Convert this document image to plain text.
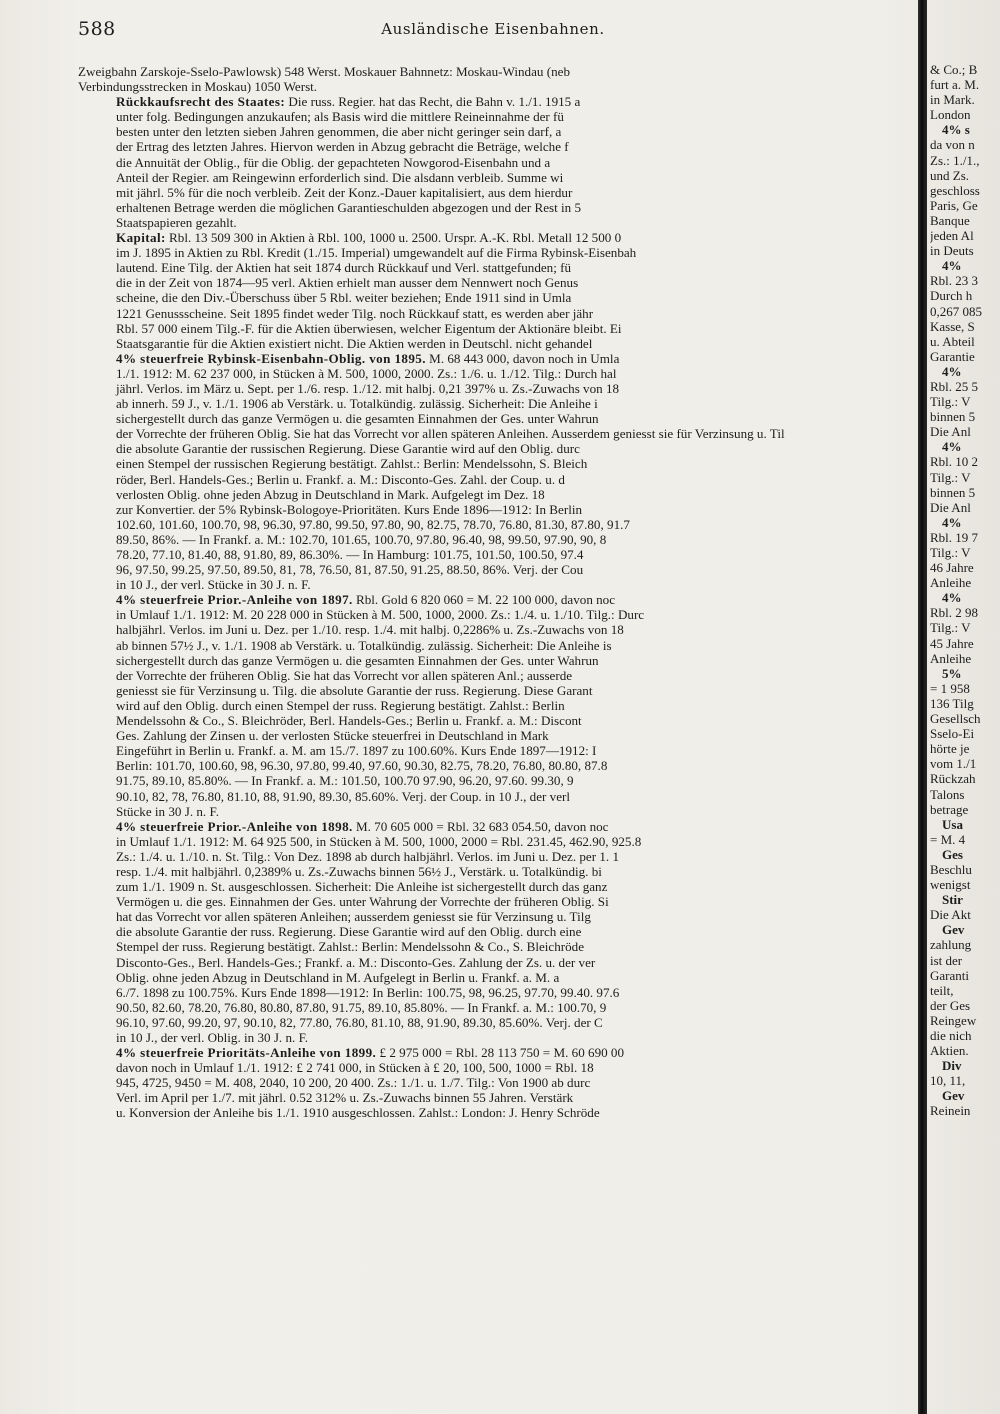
588	Ausländische Eisenbahnen.

Zweigbahn Zarskoje-Sselo-Pawlowsk) 548 Werst. Moskauer Bahnnetz: Moskau-Windau (neb
Verbindungsstrecken in Moskau) 1050 Werst.

Rückkaufsrecht des Staates: Die russ. Regier. hat das Recht, die Bahn v. 1./1. 1915 a
unter folg. Bedingungen anzukaufen; als Basis wird die mittlere Reineinnahme der fü
besten unter den letzten sieben Jahren genommen, die aber nicht geringer sein darf, a
der Ertrag des letzten Jahres. Hiervon werden in Abzug gebracht die Beträge, welche f
die Annuität der Oblig., für die Oblig. der gepachteten Nowgorod-Eisenbahn und a
Anteil der Regier. am Reingewinn erforderlich sind. Die alsdann verbleib. Summe wi
mit jährl. 5% für die noch verbleib. Zeit der Konz.-Dauer kapitalisiert, aus dem hierdur
erhaltenen Betrage werden die möglichen Garantieschulden abgezogen und der Rest in 5
Staatspapieren gezahlt.

Kapital: Rbl. 13 509 300 in Aktien à Rbl. 100, 1000 u. 2500. Urspr. A.-K. Rbl. Metall 12 500 0
im J. 1895 in Aktien zu Rbl. Kredit (1./15. Imperial) umgewandelt auf die Firma Rybinsk-Eisenbah
lautend. Eine Tilg. der Aktien hat seit 1874 durch Rückkauf und Verl. stattgefunden; fü
die in der Zeit von 1874—95 verl. Aktien erhielt man ausser dem Nennwert noch Genus
scheine, die den Div.-Überschuss über 5 Rbl. weiter beziehen; Ende 1911 sind in Umla
1221 Genussscheine. Seit 1895 findet weder Tilg. noch Rückkauf statt, es werden aber jähr
Rbl. 57 000 einem Tilg.-F. für die Aktien überwiesen, welcher Eigentum der Aktionäre bleibt. Ei
Staatsgarantie für die Aktien existiert nicht. Die Aktien werden in Deutschl. nicht gehandel

4% steuerfreie Rybinsk-Eisenbahn-Oblig. von 1895. M. 68 443 000, davon noch in Umla
1./1. 1912: M. 62 237 000, in Stücken à M. 500, 1000, 2000. Zs.: 1./6. u. 1./12. Tilg.: Durch hal
jährl. Verlos. im März u. Sept. per 1./6. resp. 1./12. mit halbj. 0,21 397% u. Zs.-Zuwachs von 18
ab innerh. 59 J., v. 1./1. 1906 ab Verstärk. u. Totalkündig. zulässig. Sicherheit: Die Anleihe i
sichergestellt durch das ganze Vermögen u. die gesamten Einnahmen der Ges. unter Wahrun
der Vorrechte der früheren Oblig. Sie hat das Vorrecht vor allen späteren Anleihen. Ausserdem geniesst sie für Verzinsung u. Til
die absolute Garantie der russischen Regierung. Diese Garantie wird auf den Oblig. durc
einen Stempel der russischen Regierung bestätigt. Zahlst.: Berlin: Mendelssohn, S. Bleich
röder, Berl. Handels-Ges.; Berlin u. Frankf. a. M.: Disconto-Ges. Zahl. der Coup. u. d
verlosten Oblig. ohne jeden Abzug in Deutschland in Mark. Aufgelegt im Dez. 18
zur Konvertier. der 5% Rybinsk-Bologoye-Prioritäten. Kurs Ende 1896—1912: In Berlin
102.60, 101.60, 100.70, 98, 96.30, 97.80, 99.50, 97.80, 90, 82.75, 78.70, 76.80, 81.30, 87.80, 91.7
89.50, 86%. — In Frankf. a. M.: 102.70, 101.65, 100.70, 97.80, 96.40, 98, 99.50, 97.90, 90, 8
78.20, 77.10, 81.40, 88, 91.80, 89, 86.30%. — In Hamburg: 101.75, 101.50, 100.50, 97.4
96, 97.50, 99.25, 97.50, 89.50, 81, 78, 76.50, 81, 87.50, 91.25, 88.50, 86%. Verj. der Cou
in 10 J., der verl. Stücke in 30 J. n. F.

4% steuerfreie Prior.-Anleihe von 1897. Rbl. Gold 6 820 060 = M. 22 100 000, davon noc
in Umlauf 1./1. 1912: M. 20 228 000 in Stücken à M. 500, 1000, 2000. Zs.: 1./4. u. 1./10. Tilg.: Durc
halbjährl. Verlos. im Juni u. Dez. per 1./10. resp. 1./4. mit halbj. 0,2286% u. Zs.-Zuwachs von 18
ab binnen 57½ J., v. 1./1. 1908 ab Verstärk. u. Totalkündig. zulässig. Sicherheit: Die Anleihe is
sichergestellt durch das ganze Vermögen u. die gesamten Einnahmen der Ges. unter Wahrun
der Vorrechte der früheren Oblig. Sie hat das Vorrecht vor allen späteren Anl.; ausserde
geniesst sie für Verzinsung u. Tilg. die absolute Garantie der russ. Regierung. Diese Garant
wird auf den Oblig. durch einen Stempel der russ. Regierung bestätigt. Zahlst.: Berlin
Mendelssohn & Co., S. Bleichröder, Berl. Handels-Ges.; Berlin u. Frankf. a. M.: Discont
Ges. Zahlung der Zinsen u. der verlosten Stücke steuerfrei in Deutschland in Mark
Eingeführt in Berlin u. Frankf. a. M. am 15./7. 1897 zu 100.60%. Kurs Ende 1897—1912: I
Berlin: 101.70, 100.60, 98, 96.30, 97.80, 99.40, 97.60, 90.30, 82.75, 78.20, 76.80, 80.80, 87.8
91.75, 89.10, 85.80%. — In Frankf. a. M.: 101.50, 100.70 97.90, 96.20, 97.60. 99.30, 9
90.10, 82, 78, 76.80, 81.10, 88, 91.90, 89.30, 85.60%. Verj. der Coup. in 10 J., der verl
Stücke in 30 J. n. F.

4% steuerfreie Prior.-Anleihe von 1898. M. 70 605 000 = Rbl. 32 683 054.50, davon noc
in Umlauf 1./1. 1912: M. 64 925 500, in Stücken à M. 500, 1000, 2000 = Rbl. 231.45, 462.90, 925.8
Zs.: 1./4. u. 1./10. n. St. Tilg.: Von Dez. 1898 ab durch halbjährl. Verlos. im Juni u. Dez. per 1. 1
resp. 1./4. mit halbjährl. 0,2389% u. Zs.-Zuwachs binnen 56½ J., Verstärk. u. Totalkündig. bi
zum 1./1. 1909 n. St. ausgeschlossen. Sicherheit: Die Anleihe ist sichergestellt durch das ganz
Vermögen u. die ges. Einnahmen der Ges. unter Wahrung der Vorrechte der früheren Oblig. Si
hat das Vorrecht vor allen späteren Anleihen; ausserdem geniesst sie für Verzinsung u. Tilg
die absolute Garantie der russ. Regierung. Diese Garantie wird auf den Oblig. durch eine
Stempel der russ. Regierung bestätigt. Zahlst.: Berlin: Mendelssohn & Co., S. Bleichröde
Disconto-Ges., Berl. Handels-Ges.; Frankf. a. M.: Disconto-Ges. Zahlung der Zs. u. der ver
Oblig. ohne jeden Abzug in Deutschland in M. Aufgelegt in Berlin u. Frankf. a. M. a
6./7. 1898 zu 100.75%. Kurs Ende 1898—1912: In Berlin: 100.75, 98, 96.25, 97.70, 99.40. 97.6
90.50, 82.60, 78.20, 76.80, 80.80, 87.80, 91.75, 89.10, 85.80%. — In Frankf. a. M.: 100.70, 9
96.10, 97.60, 99.20, 97, 90.10, 82, 77.80, 76.80, 81.10, 88, 91.90, 89.30, 85.60%. Verj. der C
in 10 J., der verl. Oblig. in 30 J. n. F.

4% steuerfreie Prioritäts-Anleihe von 1899. £ 2 975 000 = Rbl. 28 113 750 = M. 60 690 00
davon noch in Umlauf 1./1. 1912: £ 2 741 000, in Stücken à £ 20, 100, 500, 1000 = Rbl. 18
945, 4725, 9450 = M. 408, 2040, 10 200, 20 400. Zs.: 1./1. u. 1./7. Tilg.: Von 1900 ab durc
Verl. im April per 1./7. mit jährl. 0.52 312% u. Zs.-Zuwachs binnen 55 Jahren. Verstärk
u. Konversion der Anleihe bis 1./1. 1910 ausgeschlossen. Zahlst.: London: J. Henry Schröde

& Co.; B
furt a. M.
in Mark.
London
4% s
da von n
Zs.: 1./1.,
und Zs.
geschloss
Paris, Ge
Banque
jeden Al
in Deuts
4%
Rbl. 23 3
Durch h
0,267 085
Kasse, S
u. Abteil
Garantie
4%
Rbl. 25 5
Tilg.: V
binnen 5
Die Anl
4%
Rbl. 10 2
Tilg.: V
binnen 5
Die Anl
4%
Rbl. 19 7
Tilg.: V
46 Jahre
Anleihe
4%
Rbl. 2 98
Tilg.: V
45 Jahre
Anleihe
5%
= 1 958
136 Tilg
Gesellsch
Sselo-Ei
hörte je
vom 1./1
Rückzah
Talons
betrage
Usa
= M. 4
Ges
Beschlu
wenigst
Stir
Die Akt
Gev
zahlung
ist der
Garanti
teilt,
der Ges
Reingew
die nich
Aktien.
Div
10, 11,
Gev
Reinein
